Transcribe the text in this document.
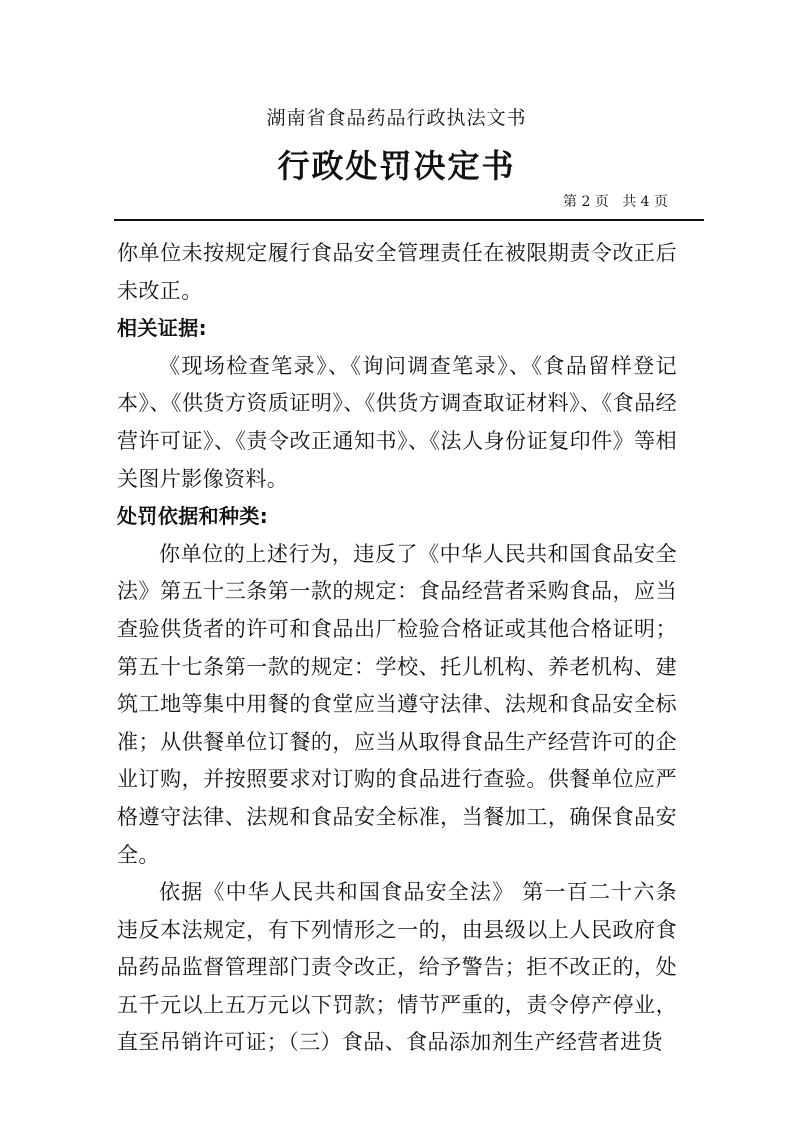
湖南省食品药品行政执法文书
行政处罚决定书
第 2 页   共 4 页

你单位未按规定履行食品安全管理责任在被限期责令改正后未改正。

相关证据:

《现场检查笔录》、《询问调查笔录》、《食品留样登记本》、《供货方资质证明》、《供货方调查取证材料》、《食品经营许可证》、《责令改正通知书》、《法人身份证复印件》等相关图片影像资料。

处罚依据和种类:

你单位的上述行为，违反了《中华人民共和国食品安全法》第五十三条第一款的规定：食品经营者采购食品，应当查验供货者的许可和食品出厂检验合格证或其他合格证明；第五十七条第一款的规定：学校、托儿机构、养老机构、建筑工地等集中用餐的食堂应当遵守法律、法规和食品安全标准；从供餐单位订餐的，应当从取得食品生产经营许可的企业订购，并按照要求对订购的食品进行查验。供餐单位应严格遵守法律、法规和食品安全标准，当餐加工，确保食品安全。

依据《中华人民共和国食品安全法》 第一百二十六条违反本法规定，有下列情形之一的，由县级以上人民政府食品药品监督管理部门责令改正，给予警告；拒不改正的，处五千元以上五万元以下罚款；情节严重的，责令停产停业，直至吊销许可证；（三）食品、食品添加剂生产经营者进货
